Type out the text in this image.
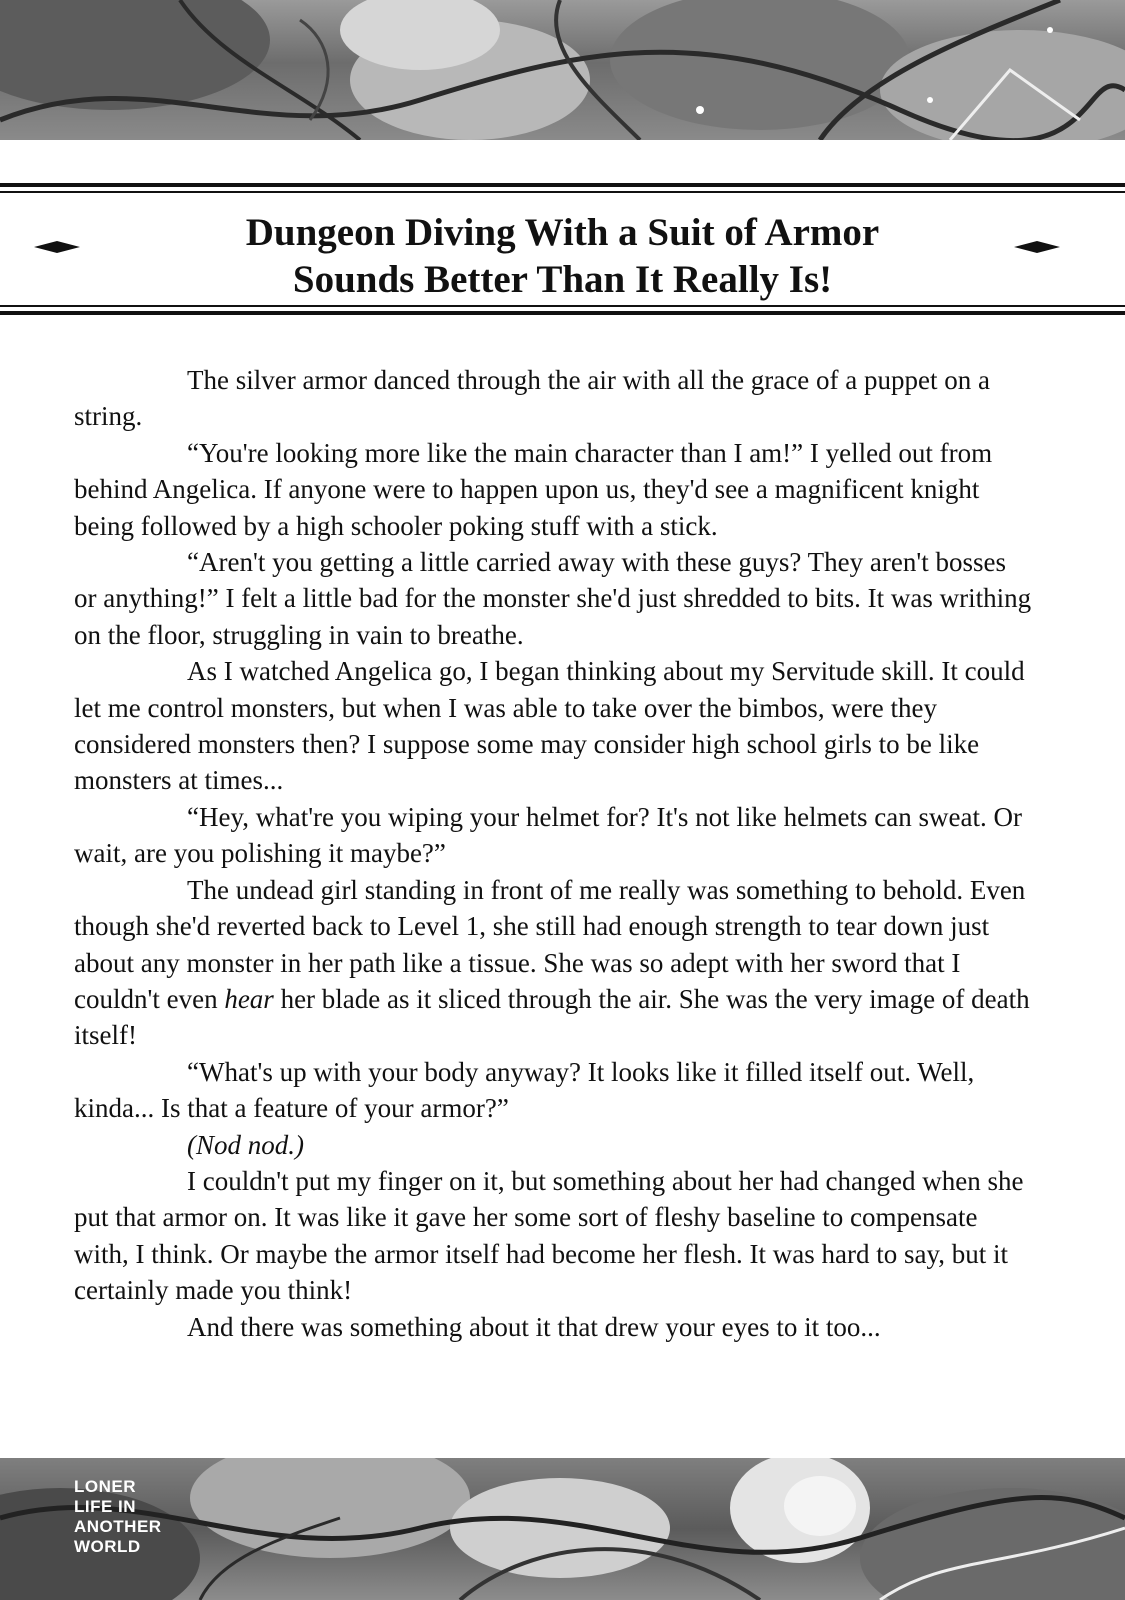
Dungeon Diving With a Suit of Armor
Sounds Better Than It Really Is!

The silver armor danced through the air with all the grace of a puppet on a string.

“You're looking more like the main character than I am!” I yelled out from behind Angelica. If anyone were to happen upon us, they'd see a magnificent knight being followed by a high schooler poking stuff with a stick.

“Aren't you getting a little carried away with these guys? They aren't bosses or anything!” I felt a little bad for the monster she'd just shredded to bits. It was writhing on the floor, struggling in vain to breathe.

As I watched Angelica go, I began thinking about my Servitude skill. It could let me control monsters, but when I was able to take over the bimbos, were they considered monsters then? I suppose some may consider high school girls to be like monsters at times...

“Hey, what're you wiping your helmet for? It's not like helmets can sweat. Or wait, are you polishing it maybe?”

The undead girl standing in front of me really was something to behold. Even though she'd reverted back to Level 1, she still had enough strength to tear down just about any monster in her path like a tissue. She was so adept with her sword that I couldn't even hear her blade as it sliced through the air. She was the very image of death itself!

“What's up with your body anyway? It looks like it filled itself out. Well, kinda... Is that a feature of your armor?”

(Nod nod.)

I couldn't put my finger on it, but something about her had changed when she put that armor on. It was like it gave her some sort of fleshy baseline to compensate with, I think. Or maybe the armor itself had become her flesh. It was hard to say, but it certainly made you think!

And there was something about it that drew your eyes to it too...

LONER
LIFE IN
ANOTHER
WORLD
